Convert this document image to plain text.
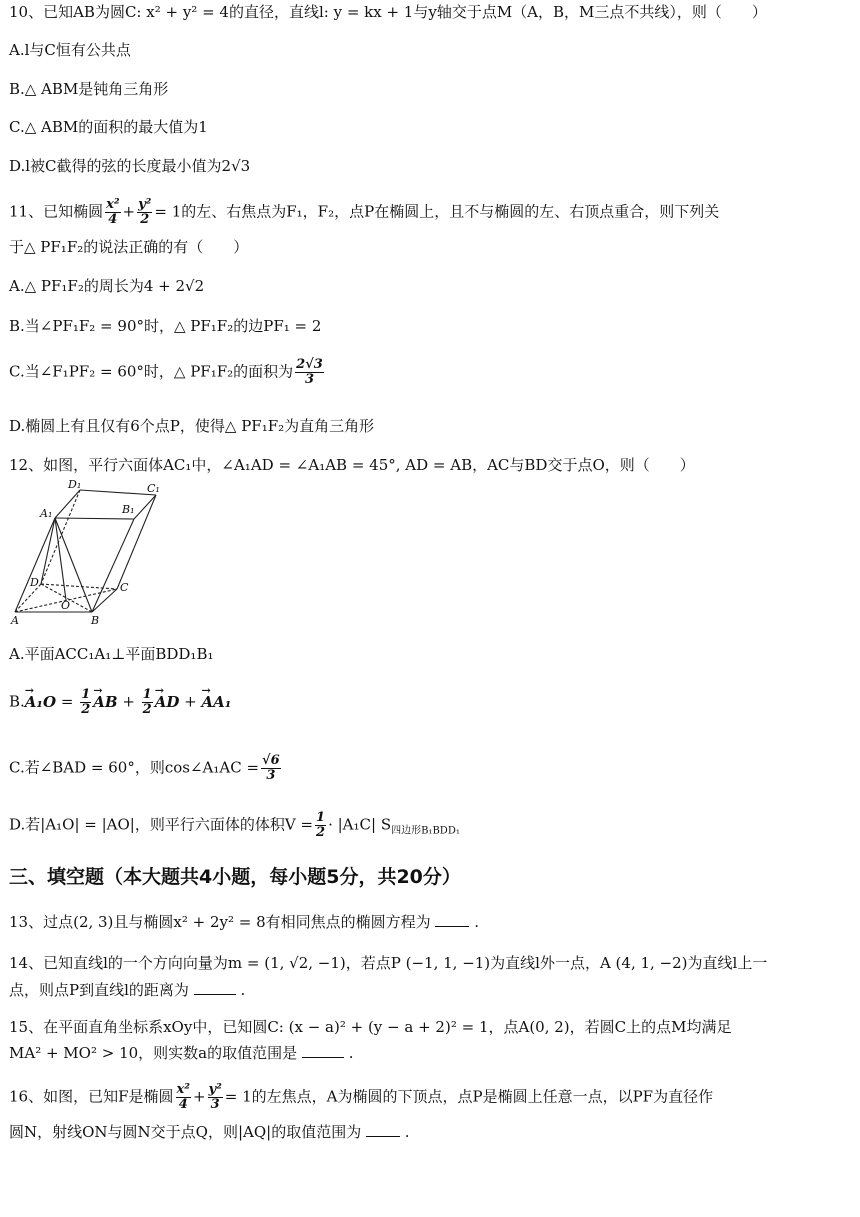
10、已知AB为圆C: x² + y² = 4的直径，直线l: y = kx + 1与y轴交于点M（A，B，M三点不共线），则（　　）
A.l与C恒有公共点
B.△ ABM是钝角三角形
C.△ ABM的面积的最大值为1
D.l被C截得的弦的长度最小值为2√3
11、已知椭圆 $\frac{\text{x²}}{4} + \frac{\text{y²}}{2} = 1$的左、右焦点为F₁，F₂，点P在椭圆上，且不与椭圆的左、右顶点重合，则下列关
于△ PF₁F₂的说法正确的有（　　）
A.△ PF₁F₂的周长为4 + 2√2
B.当∠PF₁F₂ = 90°时，△ PF₁F₂的边PF₁ = 2
C.当∠F₁PF₂ = 60°时，△ PF₁F₂的面积为 $\frac{2√3}{3}$
D.椭圆上有且仅有6个点P，使得△ PF₁F₂为直角三角形
12、如图，平行六面体AC₁中，∠A₁AD = ∠A₁AB = 45°, AD = AB，AC与BD交于点O，则（　　）
D₁	C₁
A₁	B₁
D	C
O
A	B
A.平面ACC₁A₁⊥平面BDD₁B₁
$B.\to A_1O = \frac{1}{2}$ → AB + $\frac{1}{2}$ → AD + → AA₁
C.若∠BAD = 60°，则cos∠A₁AC = $\frac{√6}{3}$
D.若|A₁O| = |AO|，则平行六面体的体积$V = \frac{1}{2} \cdot |A_1C|$ $S_{四边形B_1BDD_1}$
三、填空题（本大题共4小题，每小题5分，共20分）
13、过点(2, 3)且与椭圆x² + 2y² = 8有相同焦点的椭圆方程为	.
14、已知直线l的一个方向向量为m = (1, √2, −1)，若点P (−1, 1, −1)为直线l外一点，A (4, 1, −2)为直线l上一
点，则点P到直线l的距离为	.
15、在平面直角坐标系xOy中，已知圆C: (x − a)² + (y − a + 2)² = 1，点A(0, 2)，若圆C上的点M均满足
MA² + MO² > 10，则实数a的取值范围是	.
16、如图，已知F是椭圆 $\frac{\text{x²}}{4} + \frac{\text{y²}}{3} = 1$的左焦点，A为椭圆的下顶点，点P是椭圆上任意一点，以PF为直径作
圆N，射线ON与圆N交于点Q，则|AQ|的取值范围为	.
